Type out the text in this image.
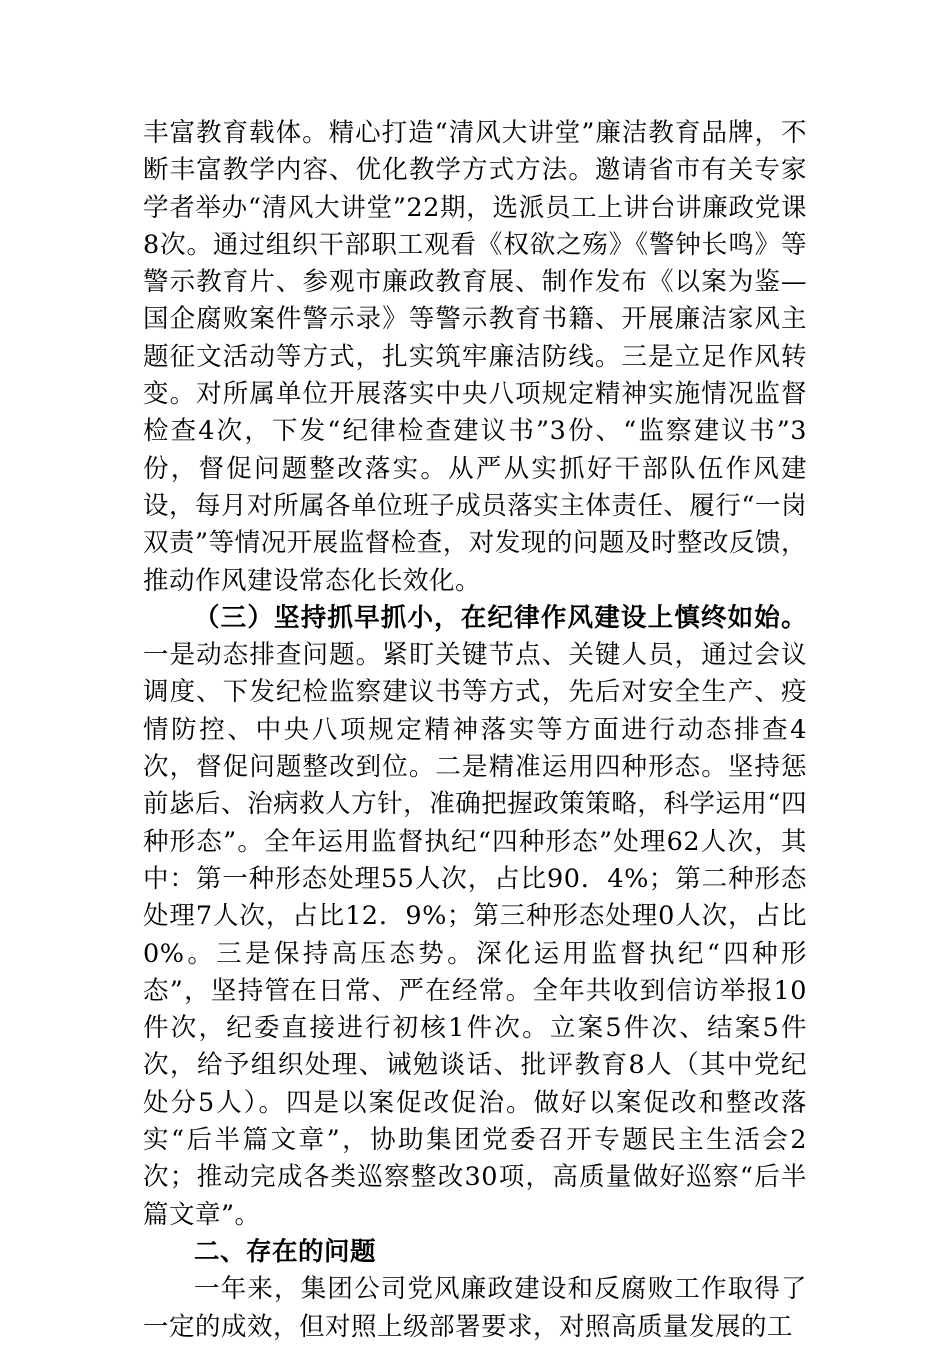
丰富教育载体。精心打造“清风大讲堂”廉洁教育品牌，不断丰富教学内容、优化教学方式方法。邀请省市有关专家学者举办“清风大讲堂”22期，选派员工上讲台讲廉政党课8次。通过组织干部职工观看《权欲之殇》《警钟长鸣》等警示教育片、参观市廉政教育展、制作发布《以案为鉴—国企腐败案件警示录》等警示教育书籍、开展廉洁家风主题征文活动等方式，扎实筑牢廉洁防线。三是立足作风转变。对所属单位开展落实中央八项规定精神实施情况监督检查4次，下发“纪律检查建议书”3份、“监察建议书”3份，督促问题整改落实。从严从实抓好干部队伍作风建设，每月对所属各单位班子成员落实主体责任、履行“一岗双责”等情况开展监督检查，对发现的问题及时整改反馈，推动作风建设常态化长效化。

（三）坚持抓早抓小，在纪律作风建设上慎终如始。一是动态排查问题。紧盯关键节点、关键人员，通过会议调度、下发纪检监察建议书等方式，先后对安全生产、疫情防控、中央八项规定精神落实等方面进行动态排查4次，督促问题整改到位。二是精准运用四种形态。坚持惩前毖后、治病救人方针，准确把握政策策略，科学运用“四种形态”。全年运用监督执纪“四种形态”处理62人次，其中：第一种形态处理55人次，占比90．4%；第二种形态处理7人次，占比12．9%；第三种形态处理0人次，占比0%。三是保持高压态势。深化运用监督执纪“四种形态”，坚持管在日常、严在经常。全年共收到信访举报10件次，纪委直接进行初核1件次。立案5件次、结案5件次，给予组织处理、诫勉谈话、批评教育8人（其中党纪处分5人）。四是以案促改促治。做好以案促改和整改落实“后半篇文章”，协助集团党委召开专题民主生活会2次；推动完成各类巡察整改30项，高质量做好巡察“后半篇文章”。

二、存在的问题

一年来，集团公司党风廉政建设和反腐败工作取得了一定的成效，但对照上级部署要求，对照高质量发展的工
